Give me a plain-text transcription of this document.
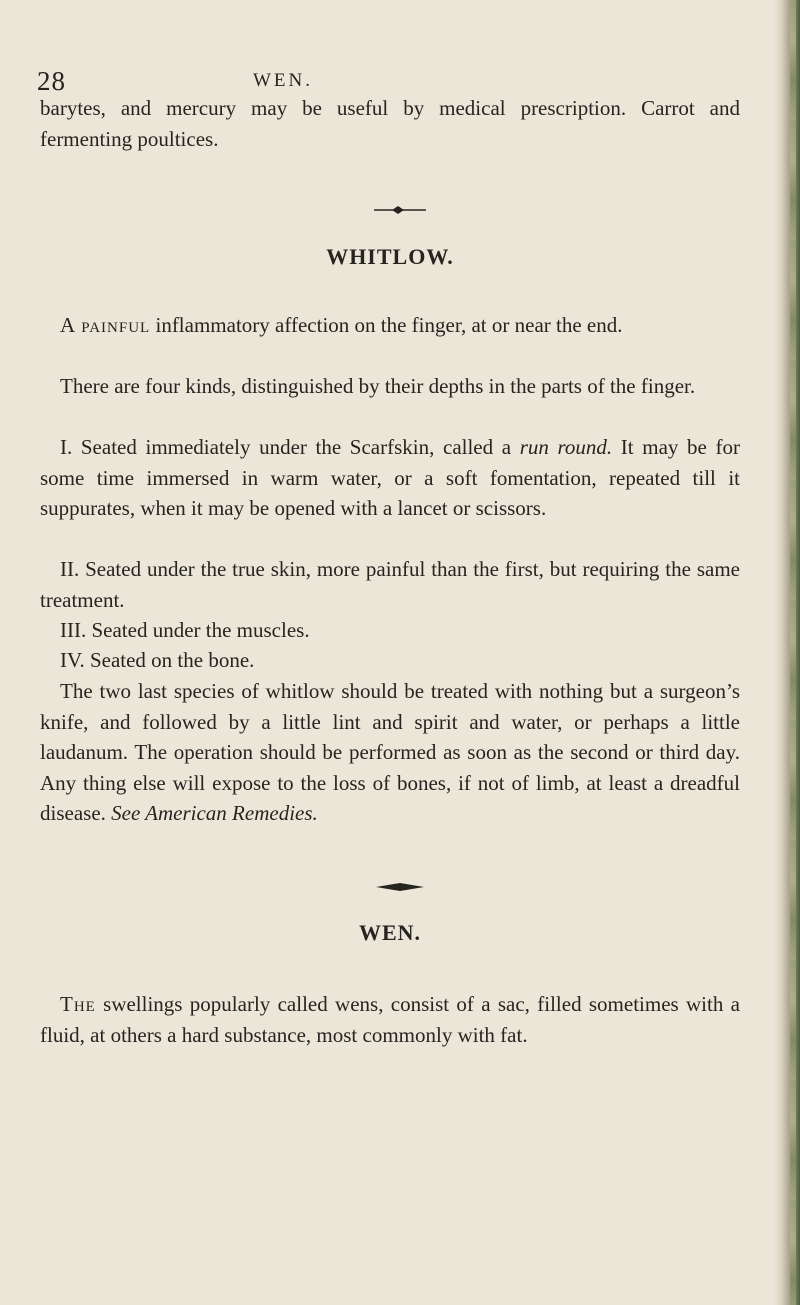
28	WEN.

barytes, and mercury may be useful by medical prescription. Carrot and fermenting poultices.

WHITLOW.

A painful inflammatory affection on the finger, at or near the end.

There are four kinds, distinguished by their depths in the parts of the finger.

I. Seated immediately under the Scarfskin, called a run round. It may be for some time immersed in warm water, or a soft fomentation, repeated till it suppurates, when it may be opened with a lancet or scissors.

II. Seated under the true skin, more painful than the first, but requiring the same treatment.

III. Seated under the muscles.

IV. Seated on the bone.

The two last species of whitlow should be treated with nothing but a surgeon’s knife, and followed by a little lint and spirit and water, or perhaps a little laudanum. The operation should be performed as soon as the second or third day. Any thing else will expose to the loss of bones, if not of limb, at least a dreadful disease. See American Remedies.

WEN.

The swellings popularly called wens, consist of a sac, filled sometimes with a fluid, at others a hard substance, most commonly with fat.
